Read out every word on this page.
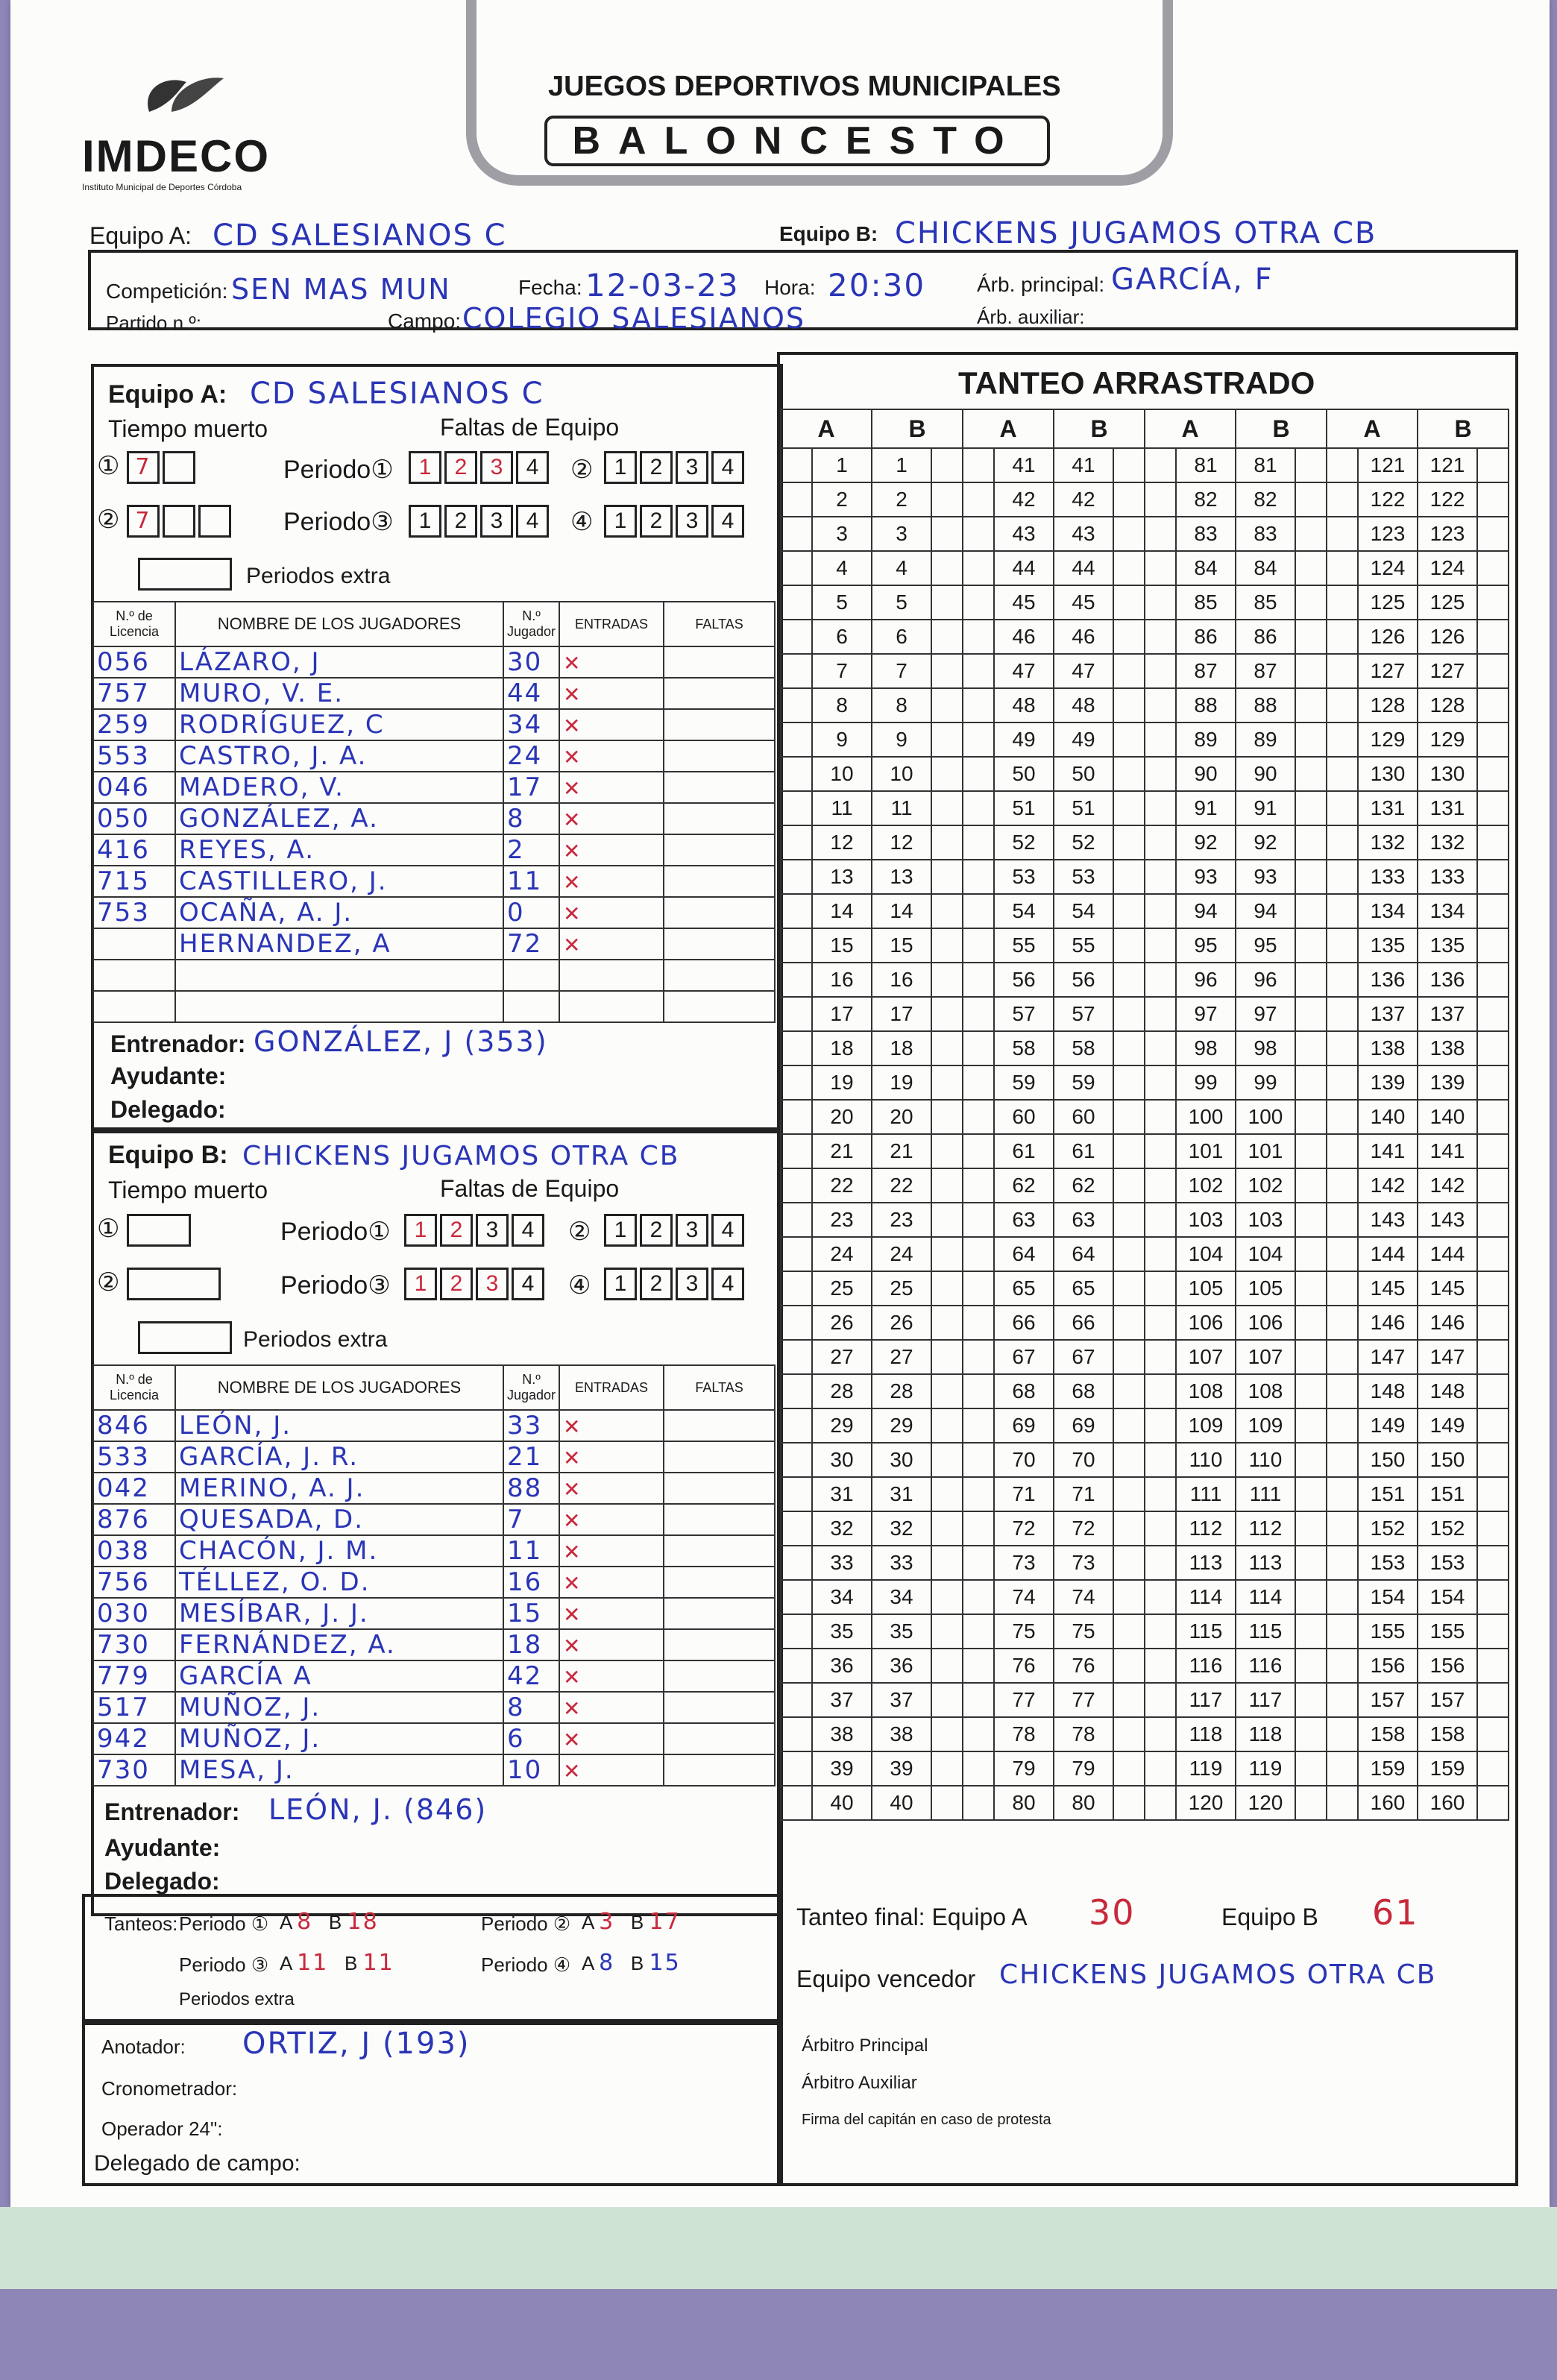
IMDECO
Instituto Municipal de Deportes Córdoba
JUEGOS DEPORTIVOS MUNICIPALES
BALONCESTO
Equipo A: CD SALESIANOS C	Equipo B: CHICKENS JUGAMOS OTRA CB
Competición: SEN MAS MUN	Fecha: 12-03-23 Hora: 20:30 Árb. principal: GARCÍA, F
Partido n.º:	Campo: COLEGIO SALESIANOS	Árb. auxiliar:
Equipo A: CD SALESIANOS C
Tiempo muerto	Faltas de Equipo
① 7	Periodo①	1 2 3 4	② 1 2 3 4
② 7	Periodo③	1 2 3 4	④ 1 2 3 4
Periodos extra
N.º de Licencia	NOMBRE DE LOS JUGADORES	N.º Jugador	ENTRADAS	FALTAS
056	LÁZARO, J	30	✕	
757	MURO, V. E.	44	✕	
259	RODRÍGUEZ, C	34	✕	
553	CASTRO, J. A.	24	✕	
046	MADERO, V.	17	✕	
050	GONZÁLEZ, A.	8	✕	
416	REYES, A.	2	✕	
715	CASTILLERO, J.	11	✕	
753	OCAÑA, A. J.	0	✕	
	HERNANDEZ, A	72	✕	

Entrenador: GONZÁLEZ, J (353)
Ayudante:
Delegado:
Equipo B: CHICKENS JUGAMOS OTRA CB
Tiempo muerto	Faltas de Equipo
①	Periodo①	1 2 3 4	②	1 2 3 4
②	Periodo③	1 2 3 4	④	1 2 3 4
Periodos extra
N.º de Licencia	NOMBRE DE LOS JUGADORES	N.º Jugador	ENTRADAS	FALTAS
846	LEÓN, J.	33	✕	
533	GARCÍA, J. R.	21	✕	
042	MERINO, A. J.	88	✕	
876	QUESADA, D.	7	✕	
038	CHACÓN, J. M.	11	✕	
756	TÉLLEZ, O. D.	16	✕	
030	MESÍBAR, J. J.	15	✕	
730	FERNÁNDEZ, A.	18	✕	
779	GARCÍA A	42	✕	
517	MUÑOZ, J.	8	✕	
942	MUÑOZ, J.	6	✕	
730	MESA, J.	10	✕	
Entrenador: LEÓN, J. (846)
Ayudante:
Delegado:
Tanteos: Periodo ① A 8   B 18	Periodo ② A 3   B 17
Periodo ③ A 11   B 11	Periodo ④ A 8   B 15
Periodos extra
Anotador: ORTIZ, J (193)
Cronometrador:
Operador 24":
Delegado de campo:
TANTEO ARRASTRADO
A		B		A		B		A		B		A		B	
	1	1			41	41			81	81			121	121	
	2	2			42	42			82	82			122	122	
	3	3			43	43			83	83			123	123	
	4	4			44	44			84	84			124	124	
	5	5			45	45			85	85			125	125	
	6	6			46	46			86	86			126	126	
	7	7			47	47			87	87			127	127	
	8	8			48	48			88	88			128	128	
	9	9			49	49			89	89			129	129	
	10	10			50	50			90	90			130	130	
	11	11			51	51			91	91			131	131	
	12	12			52	52			92	92			132	132	
	13	13			53	53			93	93			133	133	
	14	14			54	54			94	94			134	134	
	15	15			55	55			95	95			135	135	
	16	16			56	56			96	96			136	136	
	17	17			57	57			97	97			137	137	
	18	18			58	58			98	98			138	138	
	19	19			59	59			99	99			139	139	
	20	20			60	60			100	100			140	140	
	21	21			61	61			101	101			141	141	
	22	22			62	62			102	102			142	142	
	23	23			63	63			103	103			143	143	
	24	24			64	64			104	104			144	144	
	25	25			65	65			105	105			145	145	
	26	26			66	66			106	106			146	146	
	27	27			67	67			107	107			147	147	
	28	28			68	68			108	108			148	148	
	29	29			69	69			109	109			149	149	
	30	30			70	70			110	110			150	150	
	31	31			71	71			111	111			151	151	
	32	32			72	72			112	112			152	152	
	33	33			73	73			113	113			153	153	
	34	34			74	74			114	114			154	154	
	35	35			75	75			115	115			155	155	
	36	36			76	76			116	116			156	156	
	37	37			77	77			117	117			157	157	
	38	38			78	78			118	118			158	158	
	39	39			79	79			119	119			159	159	
	40	40			80	80			120	120			160	160	
Tanteo final: Equipo A 30	Equipo B 61
Equipo vencedor CHICKENS JUGAMOS OTRA CB
Árbitro Principal
Árbitro Auxiliar
Firma del capitán en caso de protesta
